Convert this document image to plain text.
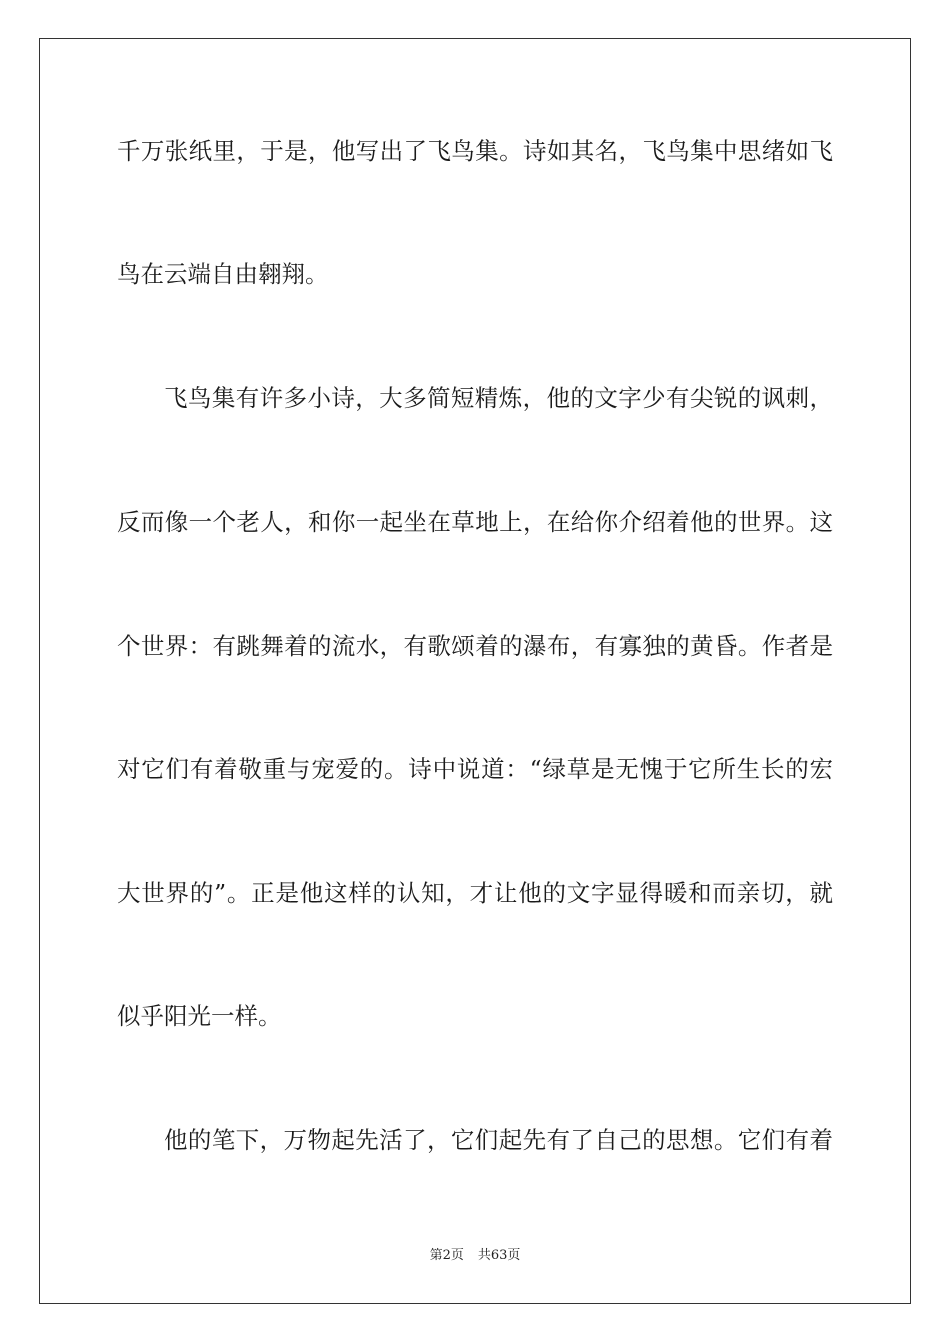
千万张纸里，于是，他写出了飞鸟集。诗如其名，飞鸟集中思绪如飞
鸟在云端自由翱翔。
飞鸟集有许多小诗，大多简短精炼，他的文字少有尖锐的讽刺，
反而像一个老人，和你一起坐在草地上，在给你介绍着他的世界。这
个世界：有跳舞着的流水，有歌颂着的瀑布，有寡独的黄昏。作者是
对它们有着敬重与宠爱的。诗中说道：“绿草是无愧于它所生长的宏
大世界的”。正是他这样的认知，才让他的文字显得暖和而亲切，就
似乎阳光一样。
他的笔下，万物起先活了，它们起先有了自己的思想。它们有着
第2页 共63页
